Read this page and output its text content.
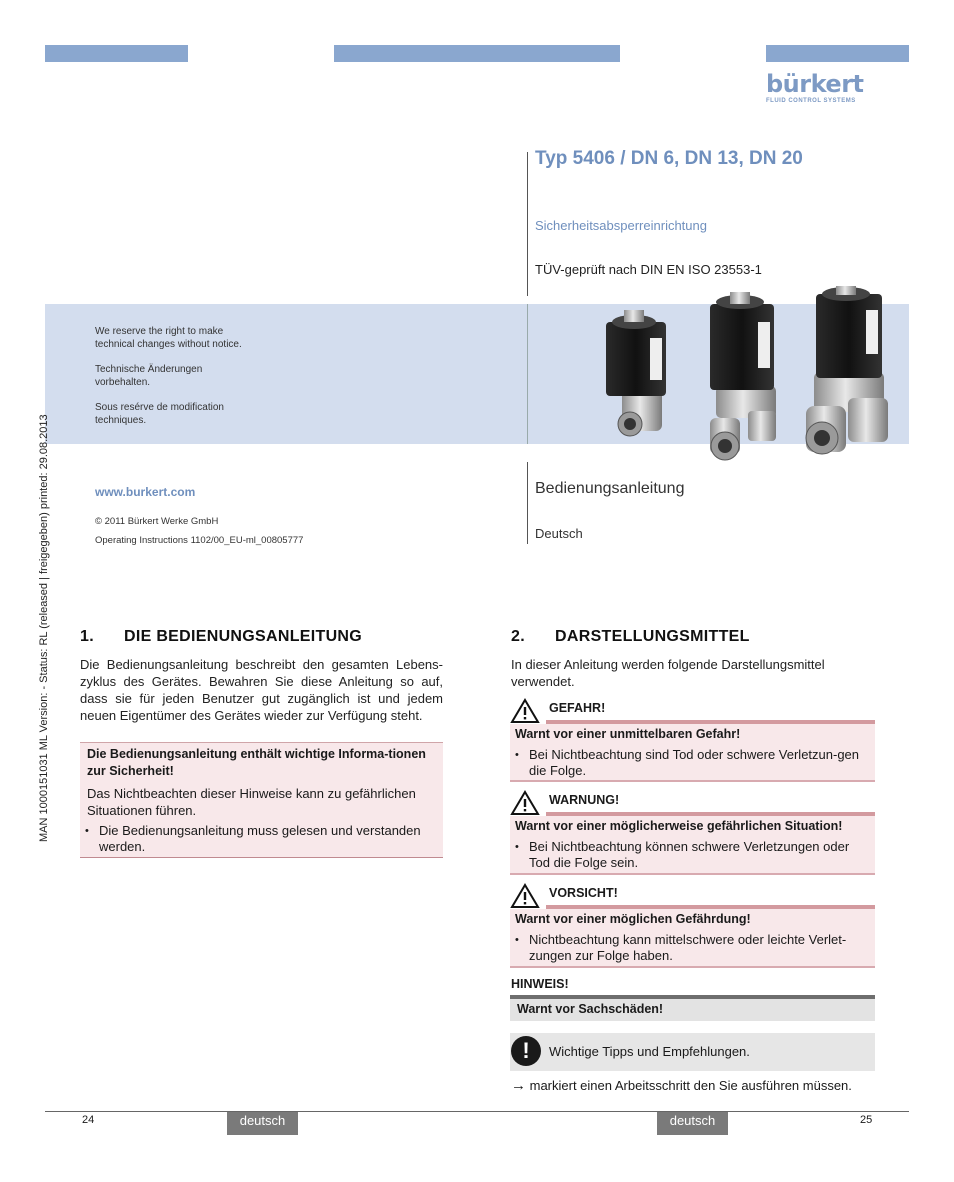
bürkert
FLUID CONTROL SYSTEMS
Typ 5406 / DN 6, DN 13, DN 20
Sicherheitsabsperreinrichtung
TÜV-geprüft nach DIN EN ISO 23553-1
We reserve the right to make
technical changes without notice.
Technische Änderungen
vorbehalten.
Sous resérve de modification
techniques.
www.burkert.com
© 2011 Bürkert Werke GmbH
Operating Instructions 1102/00_EU-ml_00805777
Bedienungsanleitung
Deutsch
MAN 1000151031 ML Version: - Status: RL (released | freigegeben) printed: 29.08.2013 1. DIE BEDIENUNGSANLEITUNG
Die Bedienungsanleitung beschreibt den gesamten Lebens-zyklus des Gerätes. Bewahren Sie diese Anleitung so auf, dass sie für jeden Benutzer gut zugänglich ist und jedem neuen Eigentümer des Gerätes wieder zur Verfügung steht.
Die Bedienungsanleitung enthält wichtige Informa-tionen zur Sicherheit!
Das Nichtbeachten dieser Hinweise kann zu gefährlichen Situationen führen.
• Die Bedienungsanleitung muss gelesen und verstanden werden.
2. DARSTELLUNGSMITTEL
In dieser Anleitung werden folgende Darstellungsmittel verwendet.
GEFAHR!
Warnt vor einer unmittelbaren Gefahr!
• Bei Nichtbeachtung sind Tod oder schwere Verletzun-gen die Folge.
WARNUNG!
Warnt vor einer möglicherweise gefährlichen Situation!
• Bei Nichtbeachtung können schwere Verletzungen oder Tod die Folge sein.
VORSICHT!
Warnt vor einer möglichen Gefährdung!
• Nichtbeachtung kann mittelschwere oder leichte Verlet-zungen zur Folge haben.
HINWEIS!
Warnt vor Sachschäden!
!	Wichtige Tipps und Empfehlungen.
→ markiert einen Arbeitsschritt den Sie ausführen müssen.
24	deutsch	deutsch	25
